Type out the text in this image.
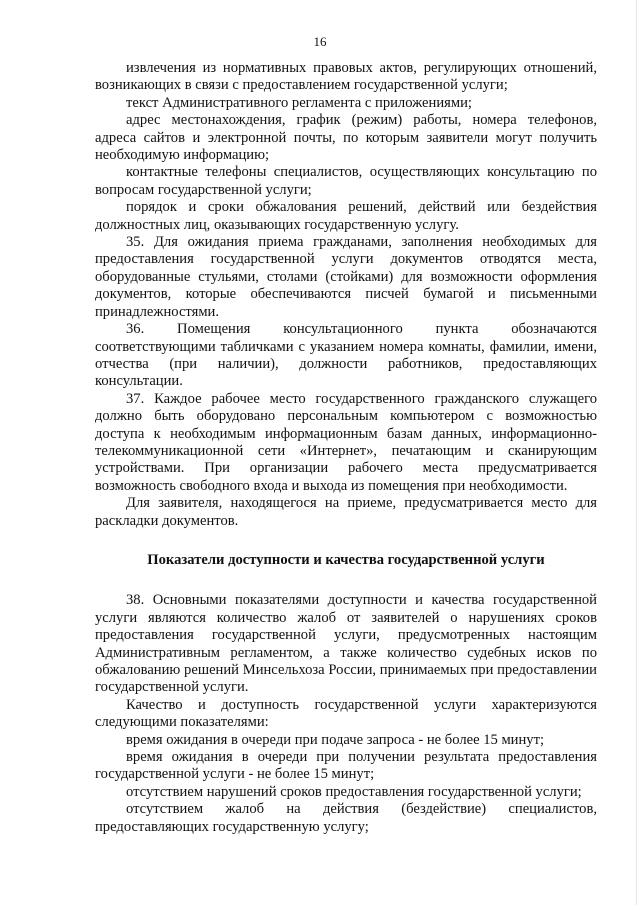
16

извлечения из нормативных правовых актов, регулирующих отношений, возникающих в связи с предоставлением государственной услуги;

текст Административного регламента с приложениями;

адрес местонахождения, график (режим) работы, номера телефонов, адреса сайтов и электронной почты, по которым заявители могут получить необходимую информацию;

контактные телефоны специалистов, осуществляющих консультацию по вопросам государственной услуги;

порядок и сроки обжалования решений, действий или бездействия должностных лиц, оказывающих государственную услугу.

35. Для ожидания приема гражданами, заполнения необходимых для предоставления государственной услуги документов отводятся места, оборудованные стульями, столами (стойками) для возможности оформления документов, которые обеспечиваются писчей бумагой и письменными принадлежностями.

36. Помещения консультационного пункта обозначаются соответствующими табличками с указанием номера комнаты, фамилии, имени, отчества (при наличии), должности работников, предоставляющих консультации.

37. Каждое рабочее место государственного гражданского служащего должно быть оборудовано персональным компьютером с возможностью доступа к необходимым информационным базам данных, информационно-телекоммуникационной сети «Интернет», печатающим и сканирующим устройствами. При организации рабочего места предусматривается возможность свободного входа и выхода из помещения при необходимости.

Для заявителя, находящегося на приеме, предусматривается место для раскладки документов.

Показатели доступности и качества государственной услуги

38. Основными показателями доступности и качества государственной услуги являются количество жалоб от заявителей о нарушениях сроков предоставления государственной услуги, предусмотренных настоящим Административным регламентом, а также количество судебных исков по обжалованию решений Минсельхоза России, принимаемых при предоставлении государственной услуги.

Качество и доступность государственной услуги характеризуются следующими показателями:

время ожидания в очереди при подаче запроса - не более 15 минут;

время ожидания в очереди при получении результата предоставления государственной услуги - не более 15 минут;

отсутствием нарушений сроков предоставления государственной услуги;

отсутствием жалоб на действия (бездействие) специалистов, предоставляющих государственную услугу;
